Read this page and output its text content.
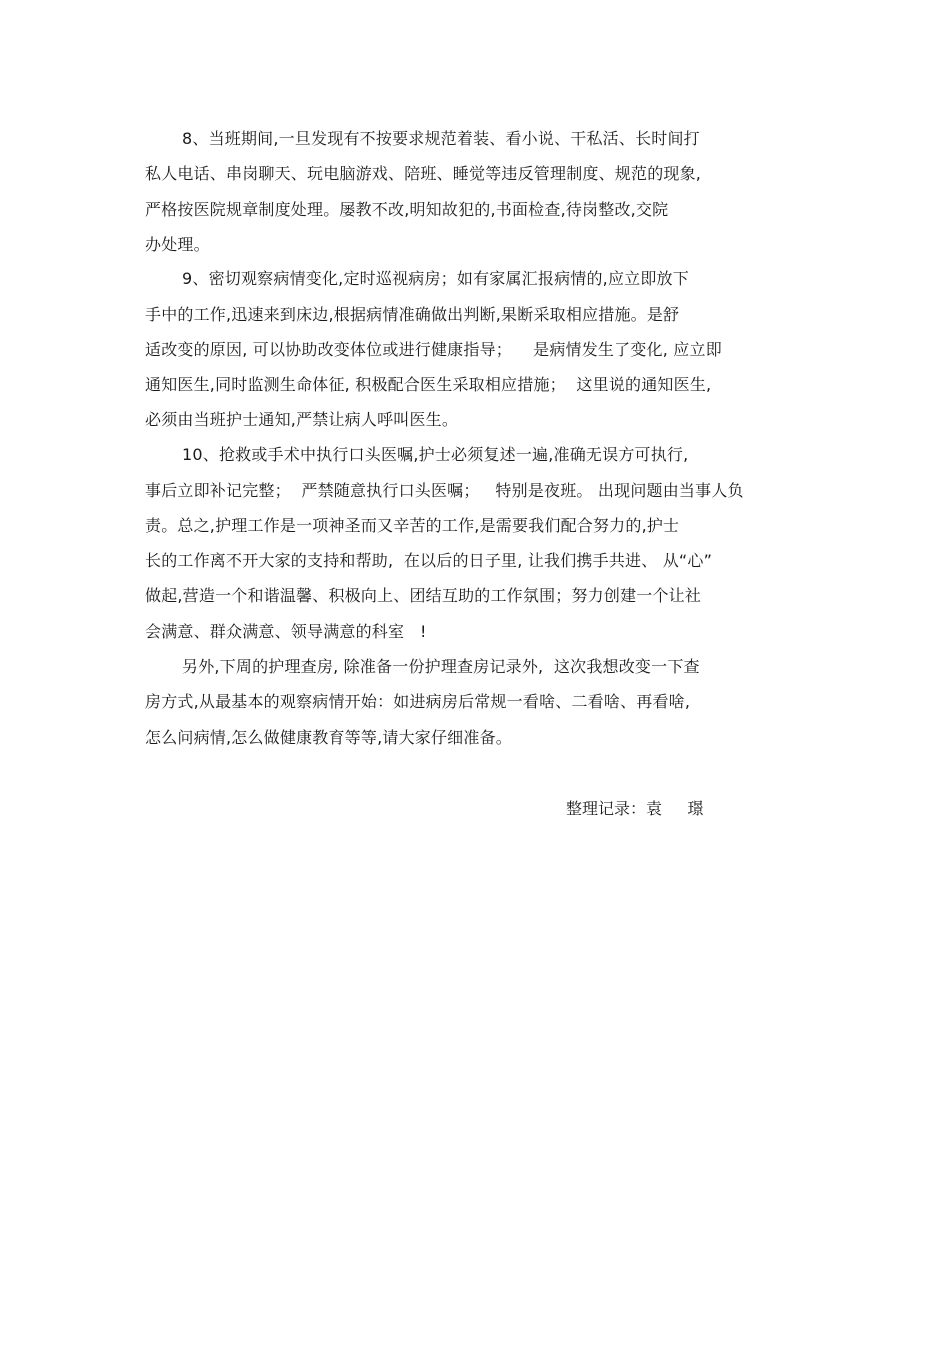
8、当班期间,一旦发现有不按要求规范着装、看小说、干私活、长时间打
私人电话、串岗聊天、玩电脑游戏、陪班、睡觉等违反管理制度、规范的现象,
严格按医院规章制度处理。屡教不改,明知故犯的,书面检查,待岗整改,交院
办处理。
9、密切观察病情变化,定时巡视病房；如有家属汇报病情的,应立即放下
手中的工作,迅速来到床边,根据病情准确做出判断,果断采取相应措施。是舒
适改变的原因, 可以协助改变体位或进行健康指导；    是病情发生了变化, 应立即
通知医生,同时监测生命体征, 积极配合医生采取相应措施；  这里说的通知医生,
必须由当班护士通知,严禁让病人呼叫医生。
10、抢救或手术中执行口头医嘱,护士必须复述一遍,准确无误方可执行,
事后立即补记完整；  严禁随意执行口头医嘱；   特别是夜班。 出现问题由当事人负
责。总之,护理工作是一项神圣而又辛苦的工作,是需要我们配合努力的,护士
长的工作离不开大家的支持和帮助,  在以后的日子里, 让我们携手共进、 从“心”
做起,营造一个和谐温馨、积极向上、团结互助的工作氛围；努力创建一个让社
会满意、群众满意、领导满意的科室   !
另外,下周的护理查房, 除准备一份护理查房记录外,  这次我想改变一下查
房方式,从最基本的观察病情开始：如进病房后常规一看啥、二看啥、再看啥,
怎么问病情,怎么做健康教育等等,请大家仔细准备。
整理记录：袁     璟
